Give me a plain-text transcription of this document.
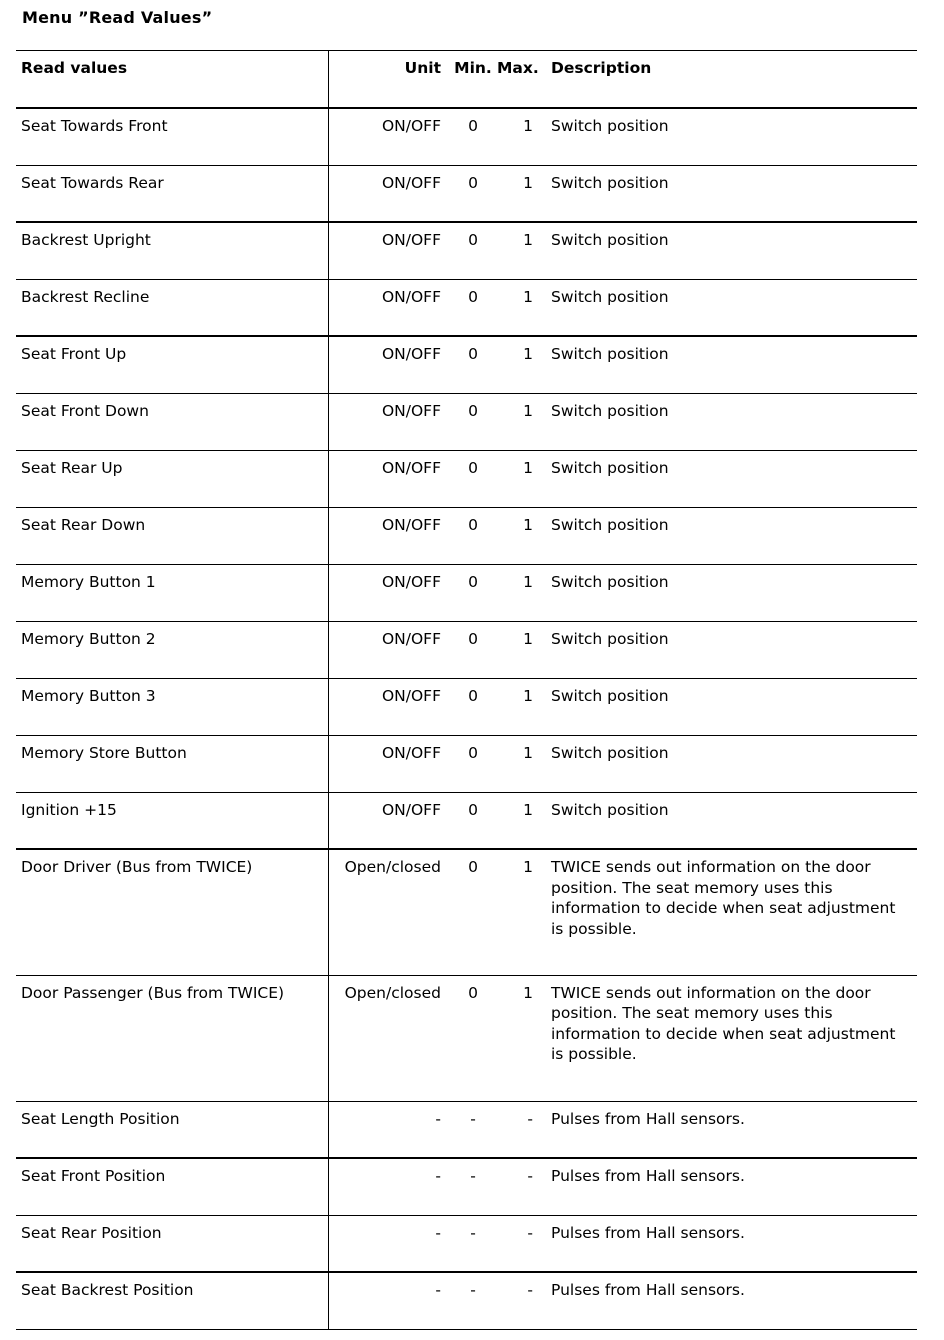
Menu ”Read Values”
Read values	Unit	Min.	Max.	Description
Seat Towards Front	ON/OFF	0	1	Switch position
Seat Towards Rear	ON/OFF	0	1	Switch position
Backrest Upright	ON/OFF	0	1	Switch position
Backrest Recline	ON/OFF	0	1	Switch position
Seat Front Up	ON/OFF	0	1	Switch position
Seat Front Down	ON/OFF	0	1	Switch position
Seat Rear Up	ON/OFF	0	1	Switch position
Seat Rear Down	ON/OFF	0	1	Switch position
Memory Button 1	ON/OFF	0	1	Switch position
Memory Button 2	ON/OFF	0	1	Switch position
Memory Button 3	ON/OFF	0	1	Switch position
Memory Store Button	ON/OFF	0	1	Switch position
Ignition +15	ON/OFF	0	1	Switch position
Door Driver (Bus from TWICE)	Open/closed	0	1	TWICE sends out information on the door position. The seat memory uses this information to decide when seat adjustment is possible.
Door Passenger (Bus from TWICE)	Open/closed	0	1	TWICE sends out information on the door position. The seat memory uses this information to decide when seat adjustment is possible.
Seat Length Position	-	-	-	Pulses from Hall sensors.
Seat Front Position	-	-	-	Pulses from Hall sensors.
Seat Rear Position	-	-	-	Pulses from Hall sensors.
Seat Backrest Position	-	-	-	Pulses from Hall sensors.
